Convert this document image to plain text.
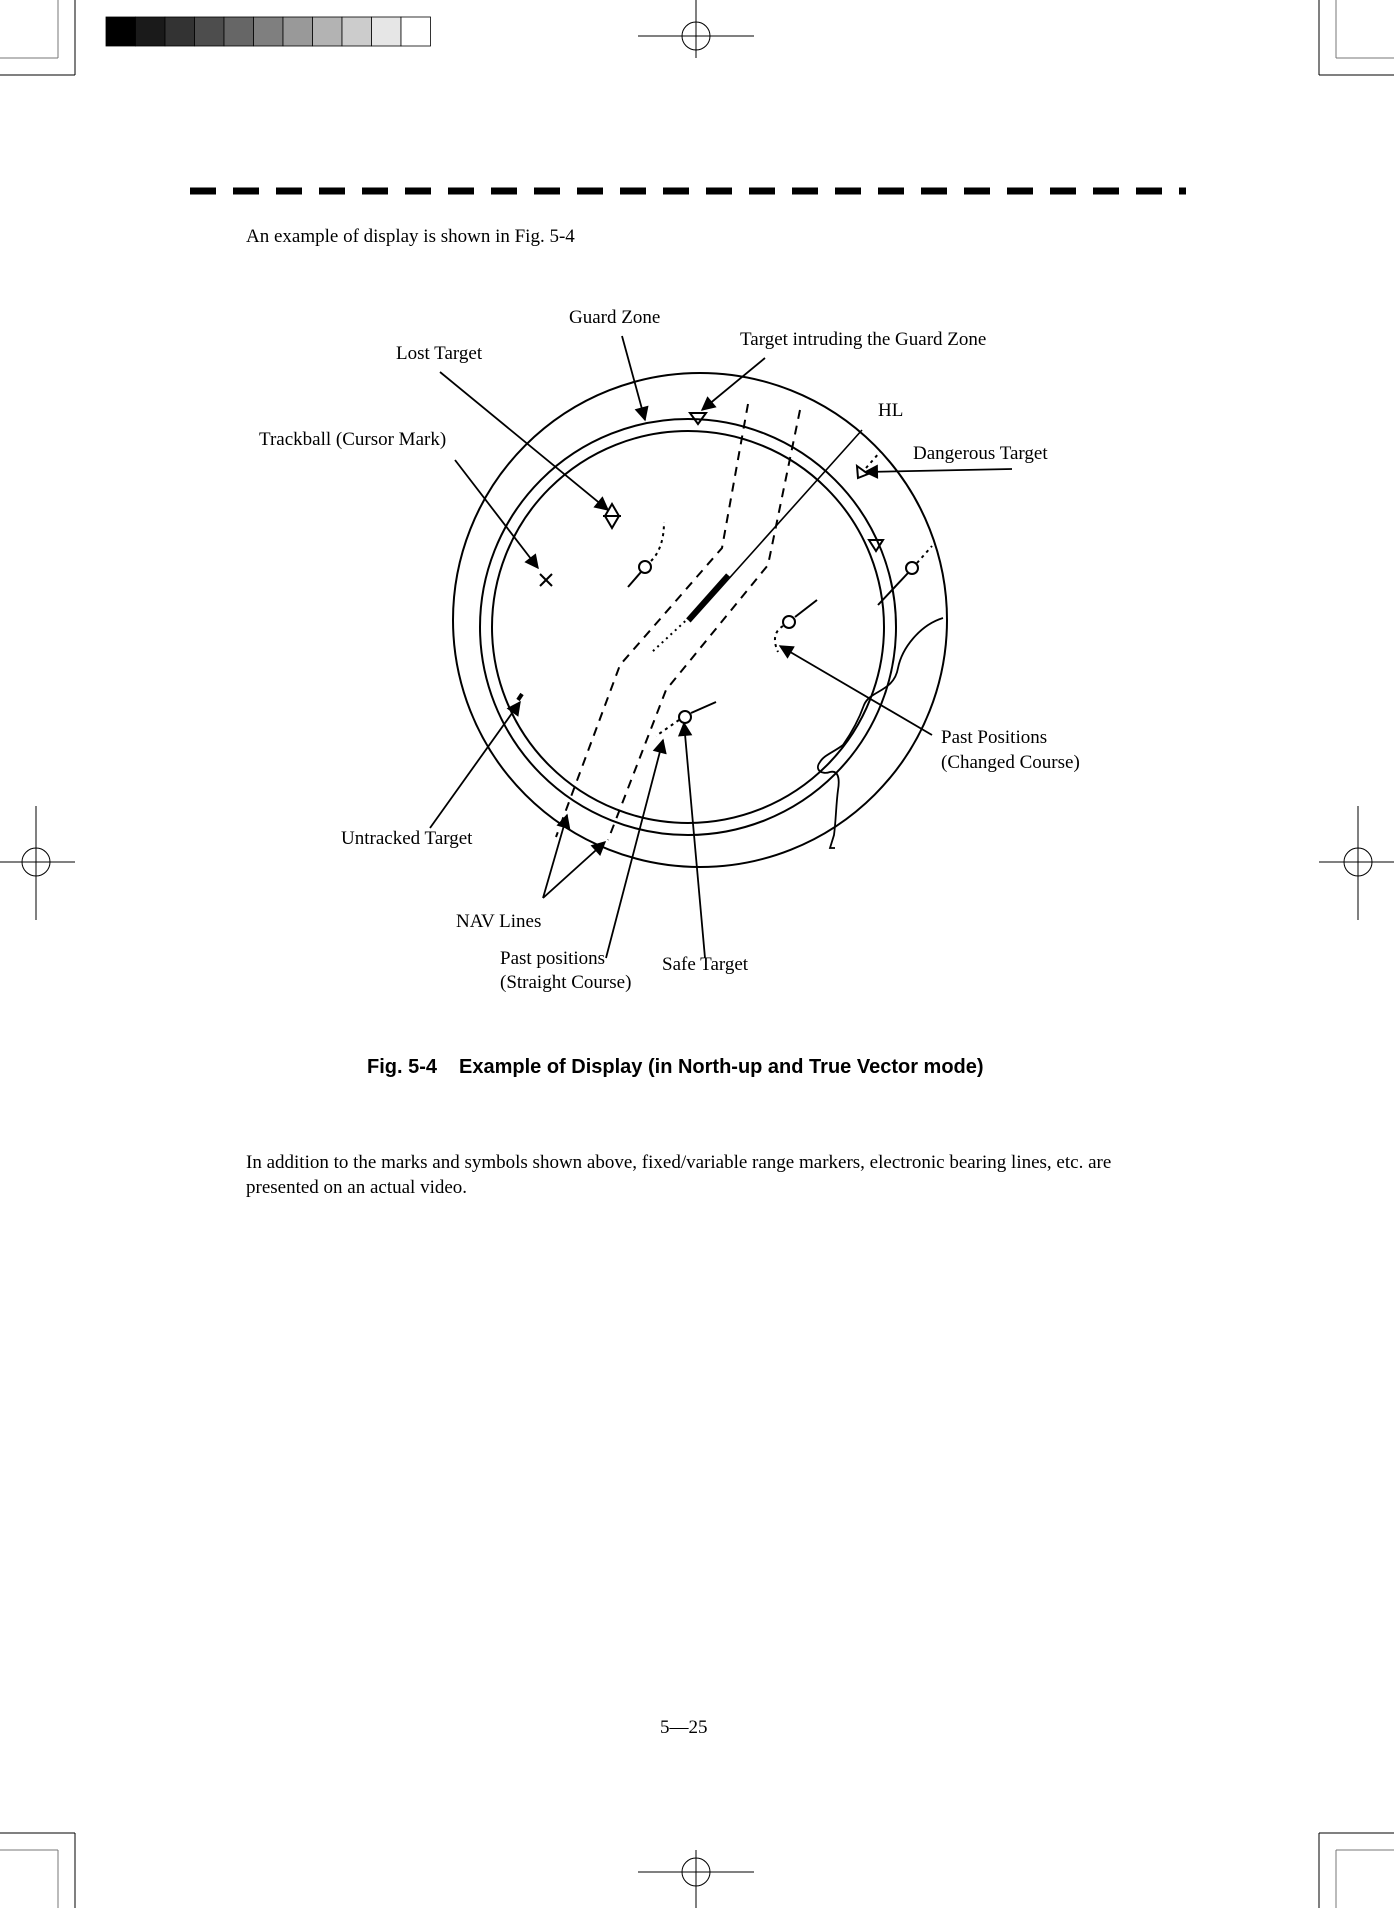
An example of display is shown in Fig. 5-4
Guard Zone
Target intruding the Guard Zone
Lost Target
HL
Trackball (Cursor Mark)
Dangerous Target
Past Positions
(Changed Course)
Untracked Target
NAV Lines
Past positions
(Straight Course)
Safe Target
Fig. 5-4 Example of Display (in North-up and True Vector mode)
In addition to the marks and symbols shown above, fixed/variable range markers, electronic bearing lines, etc. are presented on an actual video.
5—25
